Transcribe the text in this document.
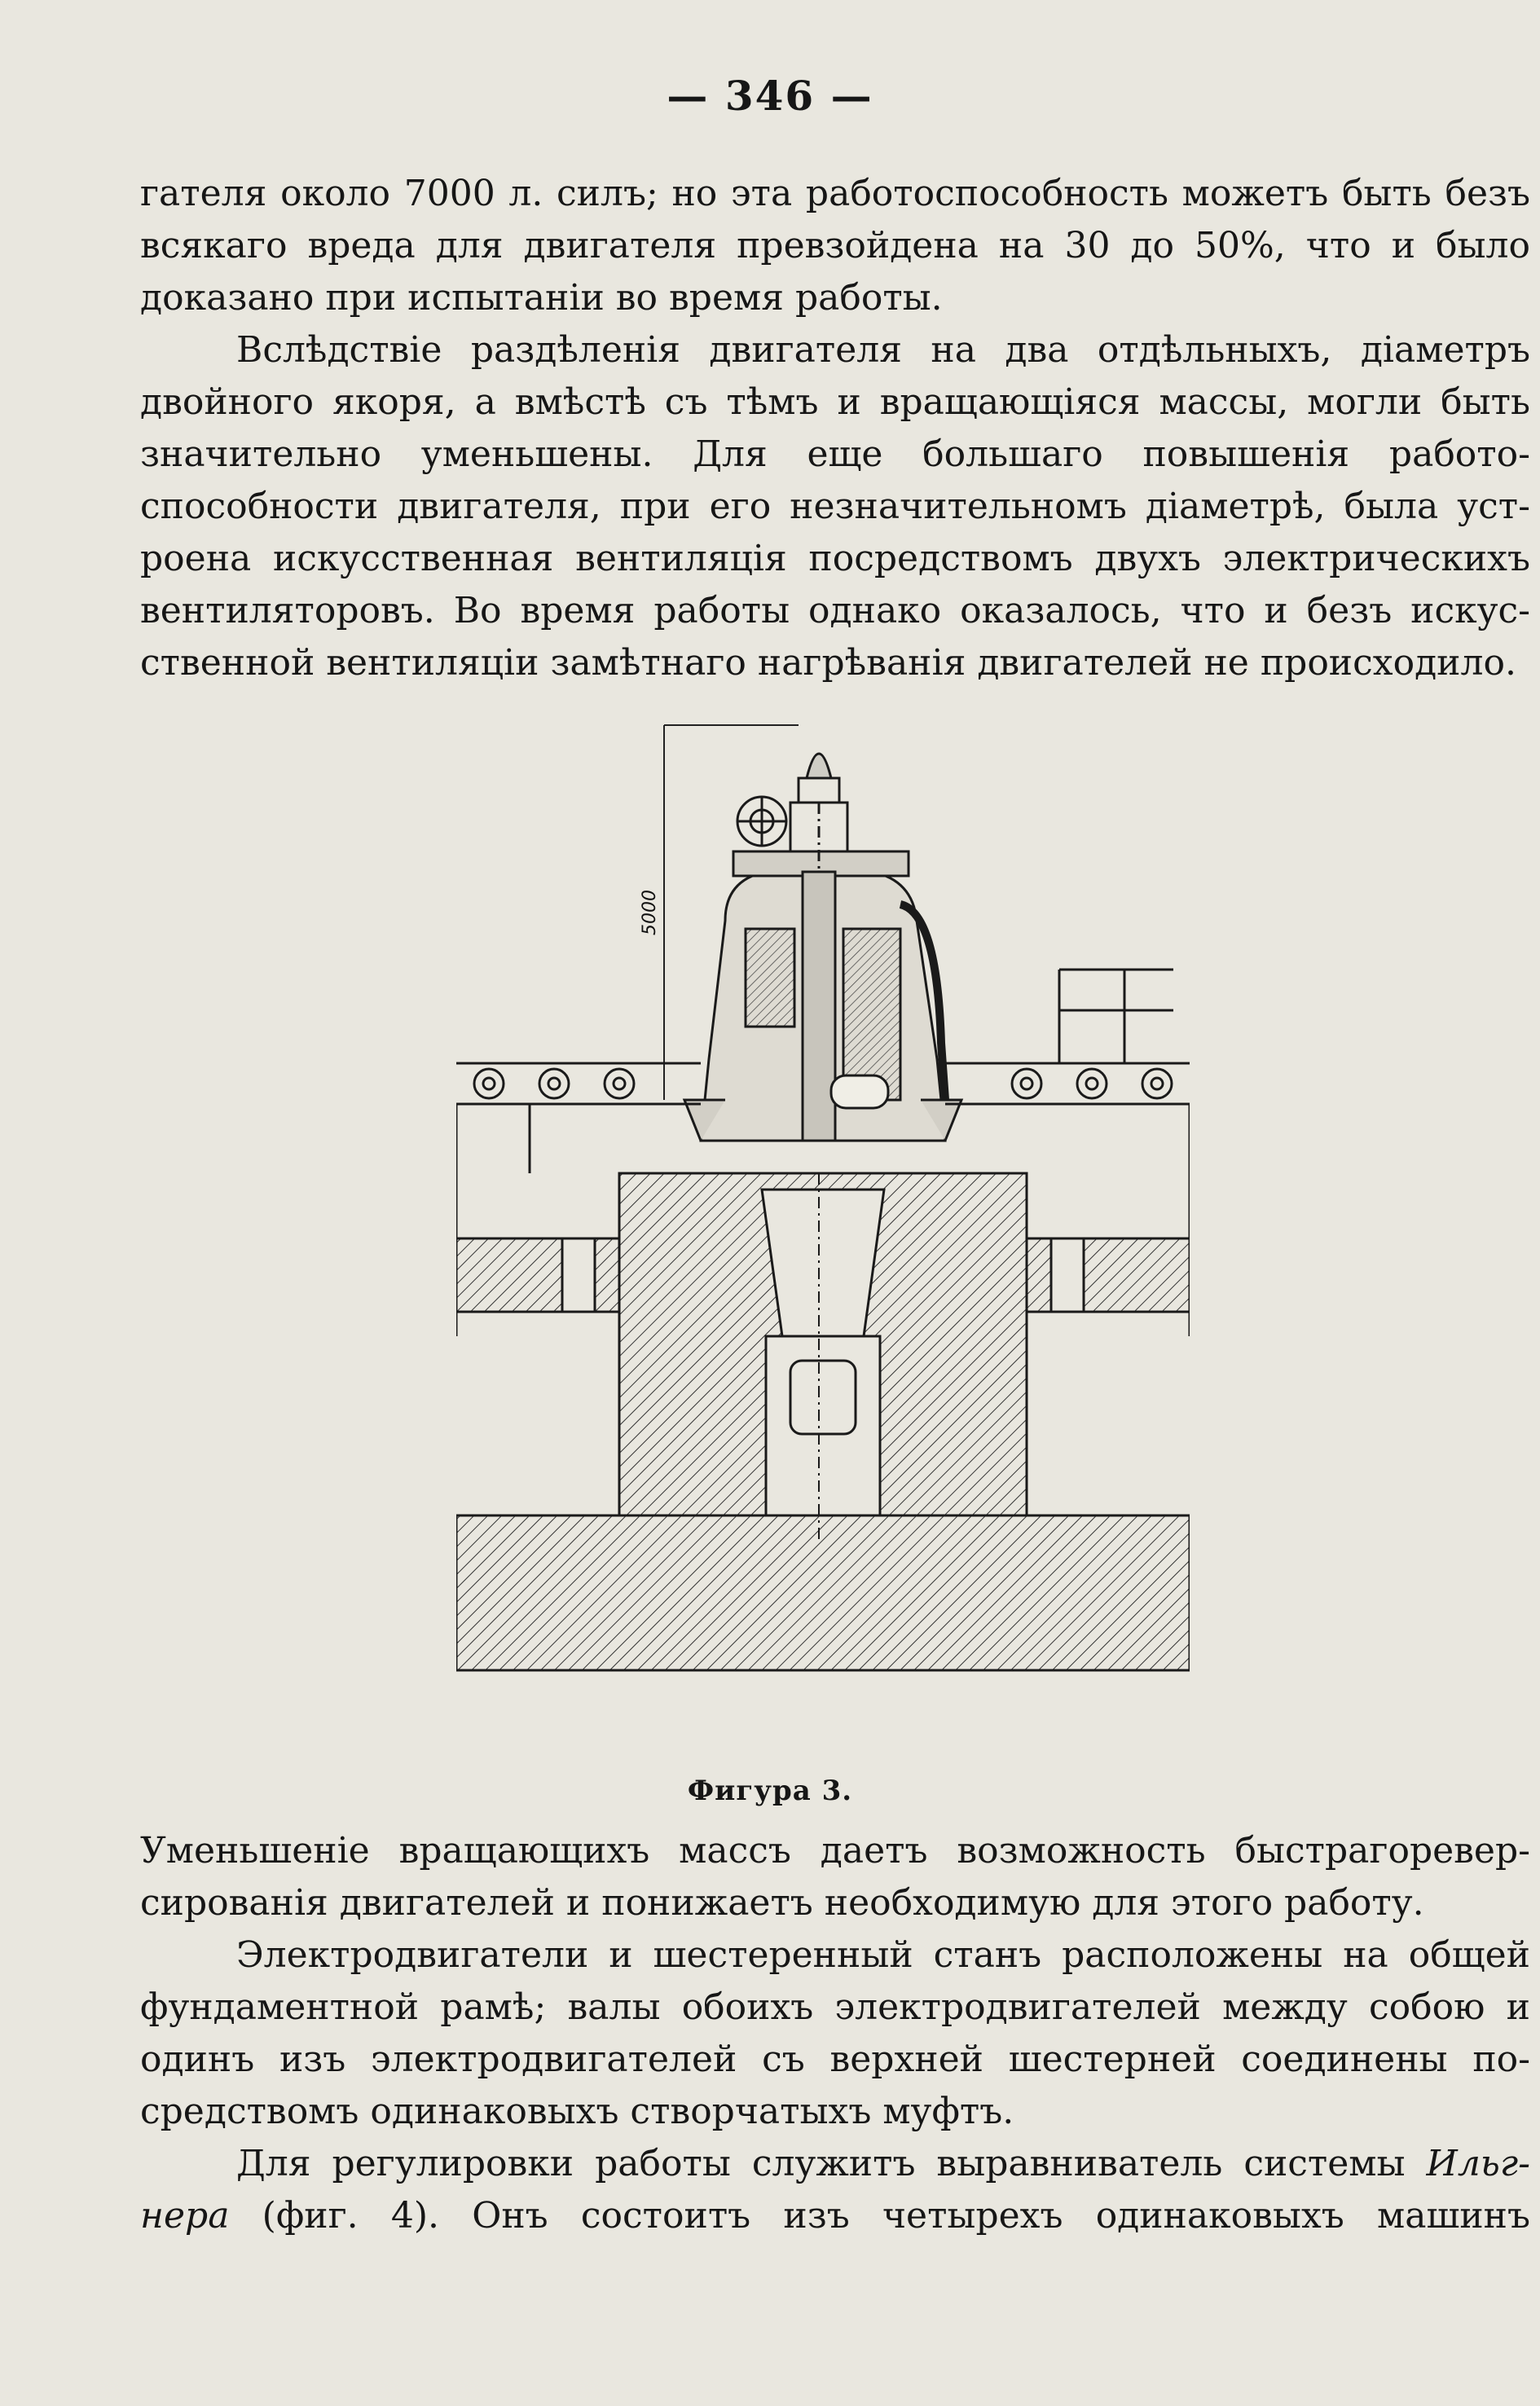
— 346 —

гателя около 7000 л. силъ; но эта работоспособность можетъ быть безъ всякаго вреда для двигателя превзойдена на 30 до 50%, что и было доказано при испытаніи во время работы.

Вслѣдствіе раздѣленія двигателя на два отдѣльныхъ, діаметръ двойного якоря, а вмѣстѣ съ тѣмъ и вращающіяся массы, могли быть значительно уменьшены. Для еще большаго повышенія работо- способности двигателя, при его незначительномъ діаметрѣ, была уст- роена искусственная вентиляція посредствомъ двухъ электрическихъ вентиляторовъ. Во время работы однако оказалось, что и безъ искус- ственной вентиляціи замѣтнаго нагрѣванія двигателей не происходило.

5000
Фигура 3.

Уменьшеніе вращающихъ массъ даетъ возможность быстрагоревер- сированія двигателей и понижаетъ необходимую для этого работу.

Электродвигатели и шестеренный станъ расположены на общей фундаментной рамѣ; валы обоихъ электродвигателей между собою и одинъ изъ электродвигателей съ верхней шестерней соединены по- средствомъ одинаковыхъ створчатыхъ муфтъ.

Для регулировки работы служитъ выравниватель системы Ильг- нера (фиг. 4). Онъ состоитъ изъ четырехъ одинаковыхъ машинъ
